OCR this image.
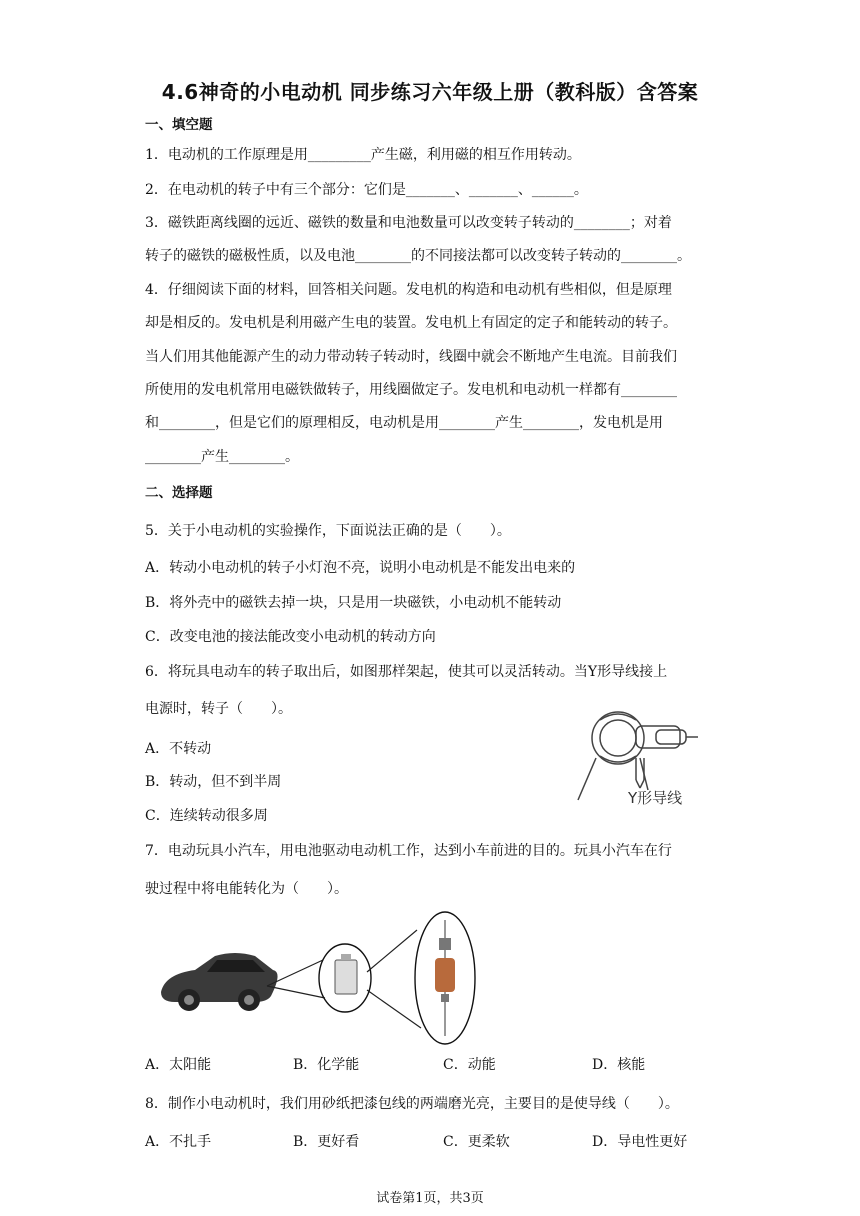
4.6神奇的小电动机 同步练习六年级上册（教科版）含答案
一、填空题
1．电动机的工作原理是用_________产生磁，利用磁的相互作用转动。
2．在电动机的转子中有三个部分：它们是_______、_______、______。
3．磁铁距离线圈的远近、磁铁的数量和电池数量可以改变转子转动的________；对着
转子的磁铁的磁极性质，以及电池________的不同接法都可以改变转子转动的________。
4．仔细阅读下面的材料，回答相关问题。发电机的构造和电动机有些相似，但是原理
却是相反的。发电机是利用磁产生电的装置。发电机上有固定的定子和能转动的转子。
当人们用其他能源产生的动力带动转子转动时，线圈中就会不断地产生电流。目前我们
所使用的发电机常用电磁铁做转子，用线圈做定子。发电机和电动机一样都有________
和________，但是它们的原理相反，电动机是用________产生________，发电机是用
________产生________。
二、选择题
5．关于小电动机的实验操作，下面说法正确的是（　　）。
A．转动小电动机的转子小灯泡不亮，说明小电动机是不能发出电来的
B．将外壳中的磁铁去掉一块，只是用一块磁铁，小电动机不能转动
C．改变电池的接法能改变小电动机的转动方向
6．将玩具电动车的转子取出后，如图那样架起，使其可以灵活转动。当Y形导线接上
电源时，转子（　　）。
A．不转动
B．转动，但不到半周
C．连续转动很多周
Y形导线
7．电动玩具小汽车，用电池驱动电动机工作，达到小车前进的目的。玩具小汽车在行
驶过程中将电能转化为（　　）。
A．太阳能	B．化学能	C．动能	D．核能
8．制作小电动机时，我们用砂纸把漆包线的两端磨光亮，主要目的是使导线（　　）。
A．不扎手	B．更好看	C．更柔软	D．导电性更好
试卷第1页，共3页
